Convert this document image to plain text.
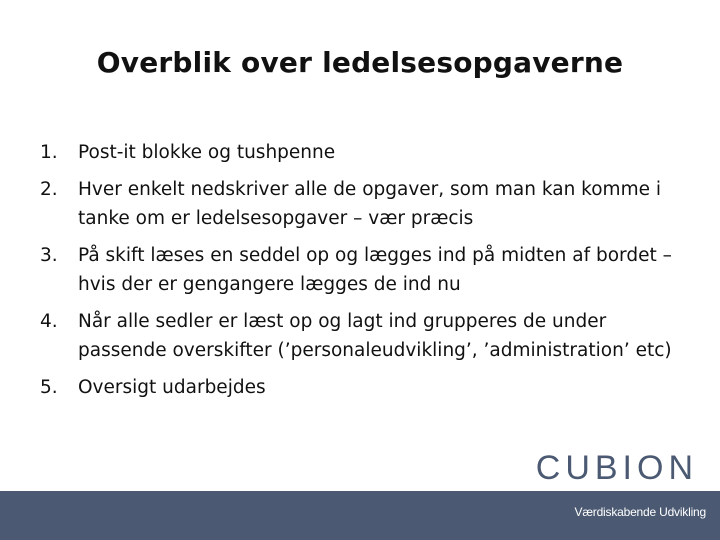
Overblik over ledelsesopgaverne
1. Post-it blokke og tushpenne
2. Hver enkelt nedskriver alle de opgaver, som man kan komme i tanke om er ledelsesopgaver – vær præcis
3. På skift læses en seddel op og lægges ind på midten af bordet – hvis der er gengangere lægges de ind nu
4. Når alle sedler er læst op og lagt ind grupperes de under passende overskifter (’personaleudvikling’, ’administration’ etc)
5. Oversigt udarbejdes
CUBION
Værdiskabende Udvikling
